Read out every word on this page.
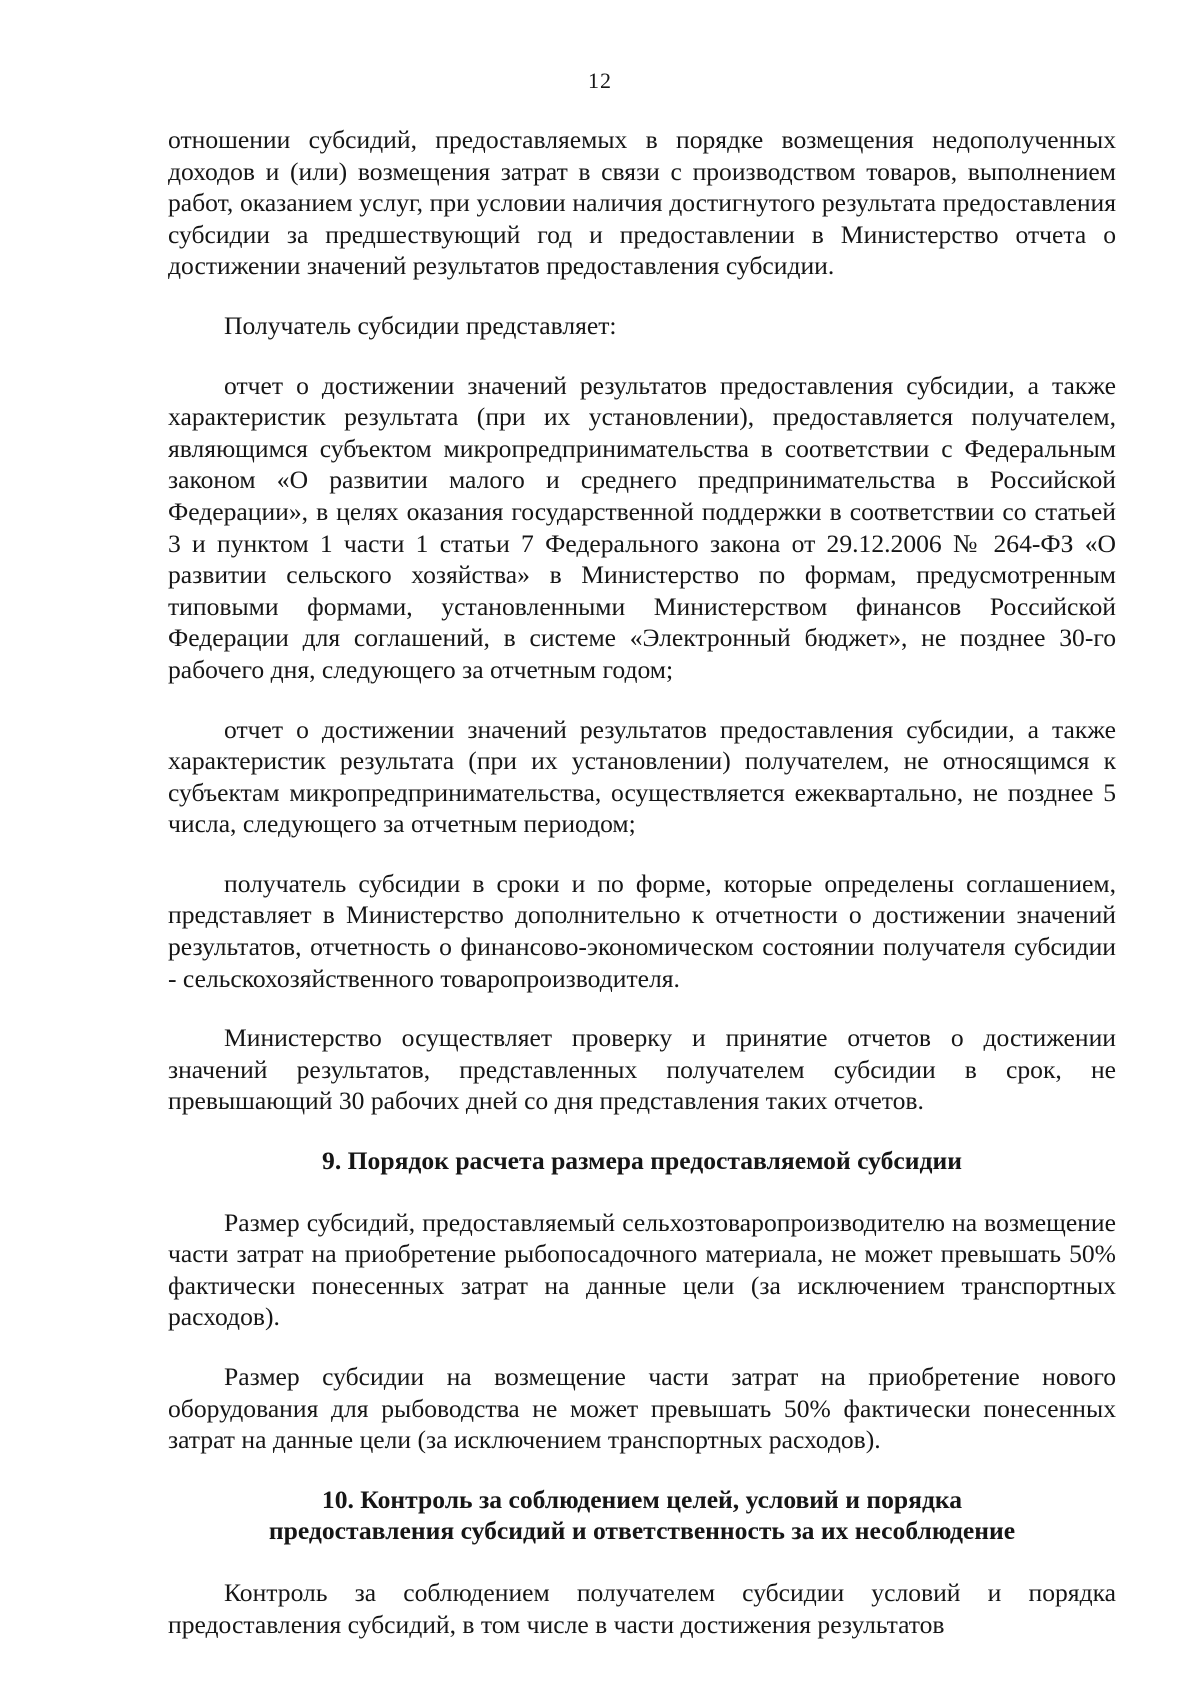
12

отношении субсидий, предоставляемых в порядке возмещения недополученных доходов и (или) возмещения затрат в связи с производством товаров, выполнением работ, оказанием услуг, при условии наличия достигнутого результата предоставления субсидии за предшествующий год и предоставлении в Министерство отчета о достижении значений результатов предоставления субсидии.

Получатель субсидии представляет:

отчет о достижении значений результатов предоставления субсидии, а также характеристик результата (при их установлении), предоставляется получателем, являющимся субъектом микропредпринимательства в соответствии с Федеральным законом «О развитии малого и среднего предпринимательства в Российской Федерации», в целях оказания государственной поддержки в соответствии со статьей 3 и пунктом 1 части 1 статьи 7 Федерального закона от 29.12.2006 № 264-ФЗ «О развитии сельского хозяйства» в Министерство по формам, предусмотренным типовыми формами, установленными Министерством финансов Российской Федерации для соглашений, в системе «Электронный бюджет», не позднее 30-го рабочего дня, следующего за отчетным годом;

отчет о достижении значений результатов предоставления субсидии, а также характеристик результата (при их установлении) получателем, не относящимся к субъектам микропредпринимательства, осуществляется ежеквартально, не позднее 5 числа, следующего за отчетным периодом;

получатель субсидии в сроки и по форме, которые определены соглашением, представляет в Министерство дополнительно к отчетности о достижении значений результатов, отчетность о финансово-экономическом состоянии получателя субсидии - сельскохозяйственного товаропроизводителя.

Министерство осуществляет проверку и принятие отчетов о достижении значений результатов, представленных получателем субсидии в срок, не превышающий 30 рабочих дней со дня представления таких отчетов.

9. Порядок расчета размера предоставляемой субсидии

Размер субсидий, предоставляемый сельхозтоваропроизводителю на возмещение части затрат на приобретение рыбопосадочного материала, не может превышать 50% фактически понесенных затрат на данные цели (за исключением транспортных расходов).

Размер субсидии на возмещение части затрат на приобретение нового оборудования для рыбоводства не может превышать 50% фактически понесенных затрат на данные цели (за исключением транспортных расходов).

10. Контроль за соблюдением целей, условий и порядка
предоставления субсидий и ответственность за их несоблюдение

Контроль за соблюдением получателем субсидии условий и порядка предоставления субсидий, в том числе в части достижения результатов
